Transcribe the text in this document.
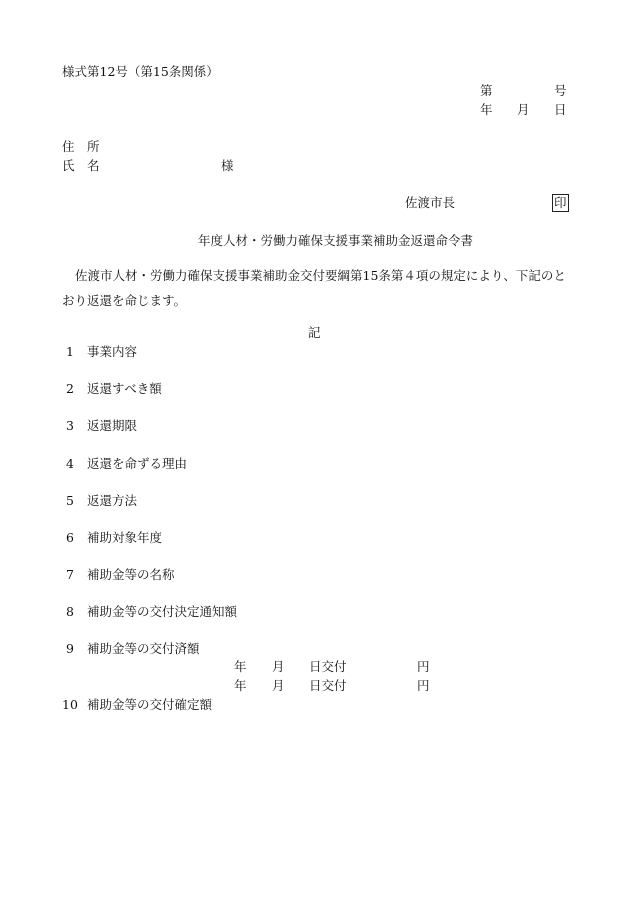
様式第12号（第15条関係）
第	号
年 月 日
住　所
氏　名	様
佐渡市長	印
年度人材・労働力確保支援事業補助金返還命令書
佐渡市人材・労働力確保支援事業補助金交付要綱第15条第４項の規定により、下記のとおり返還を命じます。
記
1 事業内容
2 返還すべき額
3 返還期限
4 返還を命ずる理由
5 返還方法
6 補助対象年度
7 補助金等の名称
8 補助金等の交付決定通知額
9 補助金等の交付済額
年 月 日交付	円
年 月 日交付	円
10 補助金等の交付確定額
